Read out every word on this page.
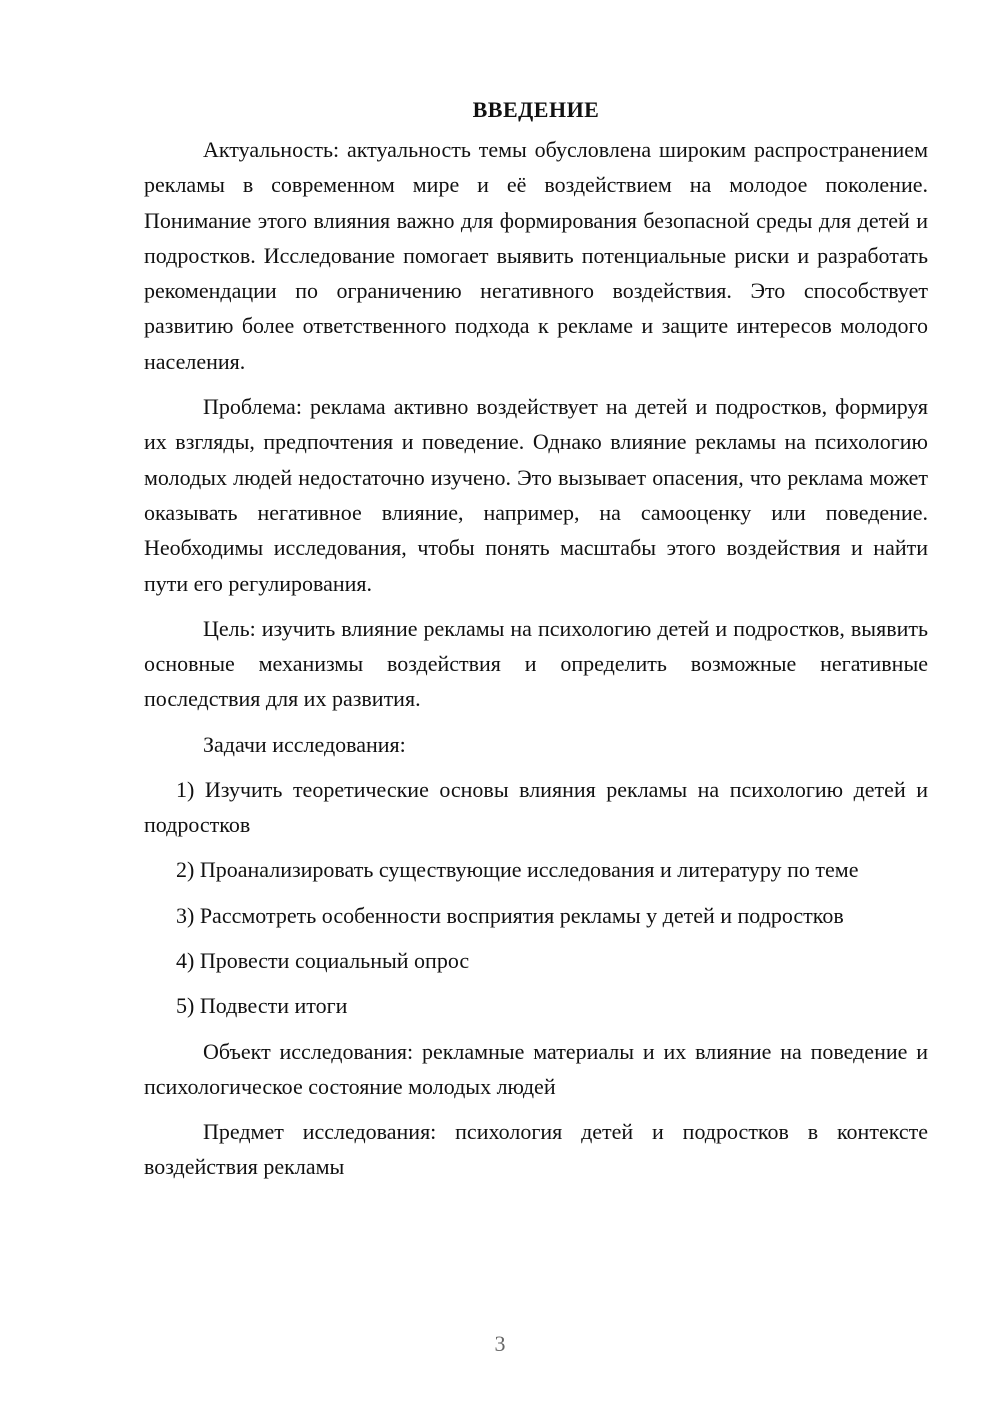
ВВЕДЕНИЕ

Актуальность: актуальность темы обусловлена широким распространением рекламы в современном мире и её воздействием на молодое поколение. Понимание этого влияния важно для формирования безопасной среды для детей и подростков. Исследование помогает выявить потенциальные риски и разработать рекомендации по ограничению негативного воздействия. Это способствует развитию более ответственного подхода к рекламе и защите интересов молодого населения.

Проблема: реклама активно воздействует на детей и подростков, формируя их взгляды, предпочтения и поведение. Однако влияние рекламы на психологию молодых людей недостаточно изучено. Это вызывает опасения, что реклама может оказывать негативное влияние, например, на самооценку или поведение. Необходимы исследования, чтобы понять масштабы этого воздействия и найти пути его регулирования.

Цель: изучить влияние рекламы на психологию детей и подростков, выявить основные механизмы воздействия и определить возможные негативные последствия для их развития.

Задачи исследования:

1) Изучить теоретические основы влияния рекламы на психологию детей и подростков

2) Проанализировать существующие исследования и литературу по теме

3) Рассмотреть особенности восприятия рекламы у детей и подростков

4) Провести социальный опрос

5) Подвести итоги

Объект исследования: рекламные материалы и их влияние на поведение и психологическое состояние молодых людей

Предмет исследования: психология детей и подростков в контексте воздействия рекламы

3
